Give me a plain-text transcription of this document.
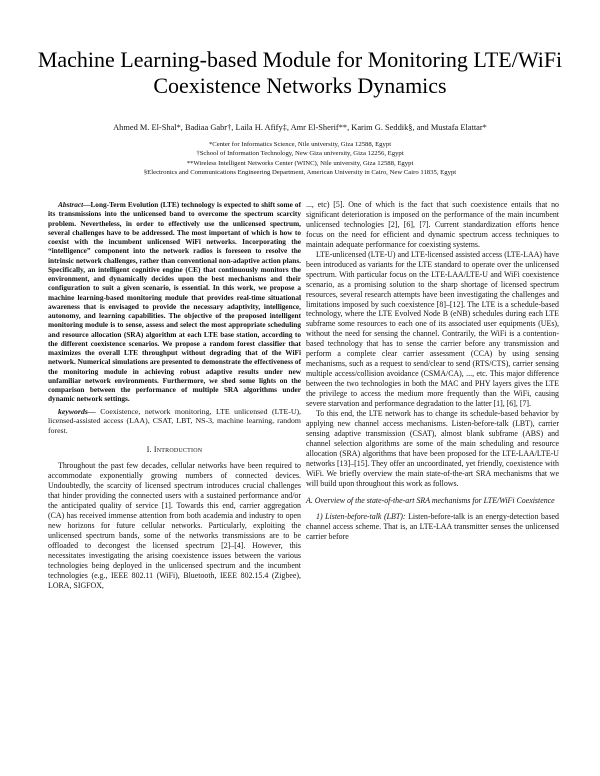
Machine Learning-based Module for Monitoring LTE/WiFi Coexistence Networks Dynamics
Ahmed M. El-Shal*, Badiaa Gabr†, Laila H. Afify‡, Amr El-Sherif**, Karim G. Seddik§, and Mustafa Elattar*
*Center for Informatics Science, Nile university, Giza 12588, Egypt
†School of Information Technology, New Giza university, Giza 12256, Egypt
**Wireless Intelligent Networks Center (WINC), Nile university, Giza 12588, Egypt
§Electronics and Communications Engineering Department, American University in Cairo, New Cairo 11835, Egypt

Abstract—Long-Term Evolution (LTE) technology is expected to shift some of its transmissions into the unlicensed band to overcome the spectrum scarcity problem. Nevertheless, in order to effectively use the unlicensed spectrum, several challenges have to be addressed. The most important of which is how to coexist with the incumbent unlicensed WiFi networks. Incorporating the “intelligence” component into the network radios is foreseen to resolve the intrinsic network challenges, rather than conventional non-adaptive action plans. Specifically, an intelligent cognitive engine (CE) that continuously monitors the environment, and dynamically decides upon the best mechanisms and their configuration to suit a given scenario, is essential. In this work, we propose a machine learning-based monitoring module that provides real-time situational awareness that is envisaged to provide the necessary adaptivity, intelligence, autonomy, and learning capabilities. The objective of the proposed intelligent monitoring module is to sense, assess and select the most appropriate scheduling and resource allocation (SRA) algorithm at each LTE base station, according to the different coexistence scenarios. We propose a random forest classifier that maximizes the overall LTE throughput without degrading that of the WiFi network. Numerical simulations are presented to demonstrate the effectiveness of the monitoring module in achieving robust adaptive results under new unfamiliar network environments. Furthermore, we shed some lights on the comparison between the performance of multiple SRA algorithms under dynamic network settings.

keywords— Coexistence, network monitoring, LTE unlicensed (LTE-U), licensed-assisted access (LAA), CSAT, LBT, NS-3, machine learning, random forest.

I. Introduction

Throughout the past few decades, cellular networks have been required to accommodate exponentially growing numbers of connected devices. Undoubtedly, the scarcity of licensed spectrum introduces crucial challenges that hinder providing the connected users with a sustained performance and/or the anticipated quality of service [1]. Towards this end, carrier aggregation (CA) has received immense attention from both academia and industry to open new horizons for future cellular networks. Particularly, exploiting the unlicensed spectrum bands, some of the networks transmissions are to be offloaded to decongest the licensed spectrum [2]–[4]. However, this necessitates investigating the arising coexistence issues between the various technologies being deployed in the unlicensed spectrum and the incumbent technologies (e.g., IEEE 802.11 (WiFi), Bluetooth, IEEE 802.15.4 (Zigbee), LORA, SIGFOX,

..., etc) [5]. One of which is the fact that such coexistence entails that no significant deterioration is imposed on the performance of the main incumbent unlicensed technologies [2], [6], [7]. Current standardization efforts hence focus on the need for efficient and dynamic spectrum access techniques to maintain adequate performance for coexisting systems.

LTE-unlicensed (LTE-U) and LTE-licensed assisted access (LTE-LAA) have been introduced as variants for the LTE standard to operate over the unlicensed spectrum. With particular focus on the LTE-LAA/LTE-U and WiFi coexistence scenario, as a promising solution to the sharp shortage of licensed spectrum resources, several research attempts have been investigating the challenges and limitations imposed by such coexistence [8]–[12]. The LTE is a schedule-based technology, where the LTE Evolved Node B (eNB) schedules during each LTE subframe some resources to each one of its associated user equipments (UEs), without the need for sensing the channel. Contrarily, the WiFi is a contention-based technology that has to sense the carrier before any transmission and perform a complete clear carrier assessment (CCA) by using sensing mechanisms, such as a request to send/clear to send (RTS/CTS), carrier sensing multiple access/collision avoidance (CSMA/CA), ..., etc. This major difference between the two technologies in both the MAC and PHY layers gives the LTE the privilege to access the medium more frequently than the WiFi, causing severe starvation and performance degradation to the latter [1], [6], [7].

To this end, the LTE network has to change its schedule-based behavior by applying new channel access mechanisms. Listen-before-talk (LBT), carrier sensing adaptive transmission (CSAT), almost blank subframe (ABS) and channel selection algorithms are some of the main scheduling and resource allocation (SRA) algorithms that have been proposed for the LTE-LAA/LTE-U networks [13]–[15]. They offer an uncoordinated, yet friendly, coexistence with WiFi. We briefly overview the main state-of-the-art SRA mechanisms that we will build upon throughout this work as follows.

A. Overview of the state-of-the-art SRA mechanisms for LTE/WiFi Coexistence

1) Listen-before-talk (LBT): Listen-before-talk is an energy-detection based channel access scheme. That is, an LTE-LAA transmitter senses the unlicensed carrier before
